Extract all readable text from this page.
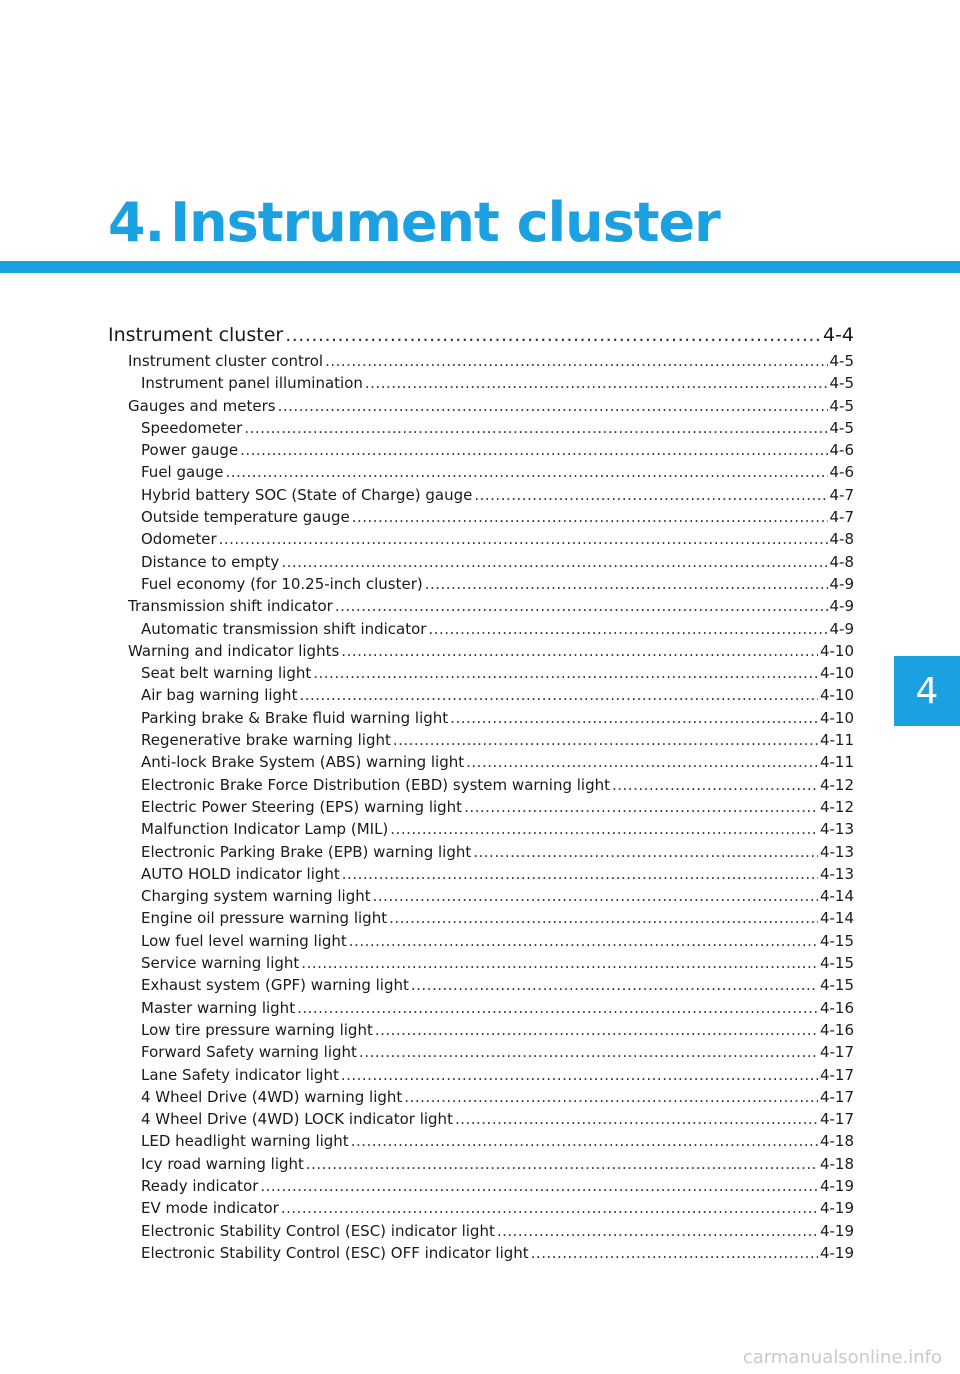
4. Instrument cluster
Instrument cluster .....	4-4
Instrument cluster control .....	4-5
Instrument panel illumination .....	4-5
Gauges and meters .....	4-5
Speedometer .....	4-5
Power gauge .....	4-6
Fuel gauge .....	4-6
Hybrid battery SOC (State of Charge) gauge .....	4-7
Outside temperature gauge .....	4-7
Odometer .....	4-8
Distance to empty .....	4-8
Fuel economy (for 10.25-inch cluster) .....	4-9
Transmission shift indicator .....	4-9
Automatic transmission shift indicator .....	4-9
Warning and indicator lights .....	4-10
Seat belt warning light .....	4-10
Air bag warning light .....	4-10
Parking brake & Brake fluid warning light .....	4-10
Regenerative brake warning light .....	4-11
Anti-lock Brake System (ABS) warning light .....	4-11
Electronic Brake Force Distribution (EBD) system warning light .....	4-12
Electric Power Steering (EPS) warning light .....	4-12
Malfunction Indicator Lamp (MIL) .....	4-13
Electronic Parking Brake (EPB) warning light .....	4-13
AUTO HOLD indicator light .....	4-13
Charging system warning light .....	4-14
Engine oil pressure warning light .....	4-14
Low fuel level warning light .....	4-15
Service warning light .....	4-15
Exhaust system (GPF) warning light .....	4-15
Master warning light .....	4-16
Low tire pressure warning light .....	4-16
Forward Safety warning light .....	4-17
Lane Safety indicator light .....	4-17
4 Wheel Drive (4WD) warning light .....	4-17
4 Wheel Drive (4WD) LOCK indicator light .....	4-17
LED headlight warning light .....	4-18
Icy road warning light .....	4-18
Ready indicator .....	4-19
EV mode indicator .....	4-19
Electronic Stability Control (ESC) indicator light .....	4-19
Electronic Stability Control (ESC) OFF indicator light .....	4-19
4
carmanualsonline.info
